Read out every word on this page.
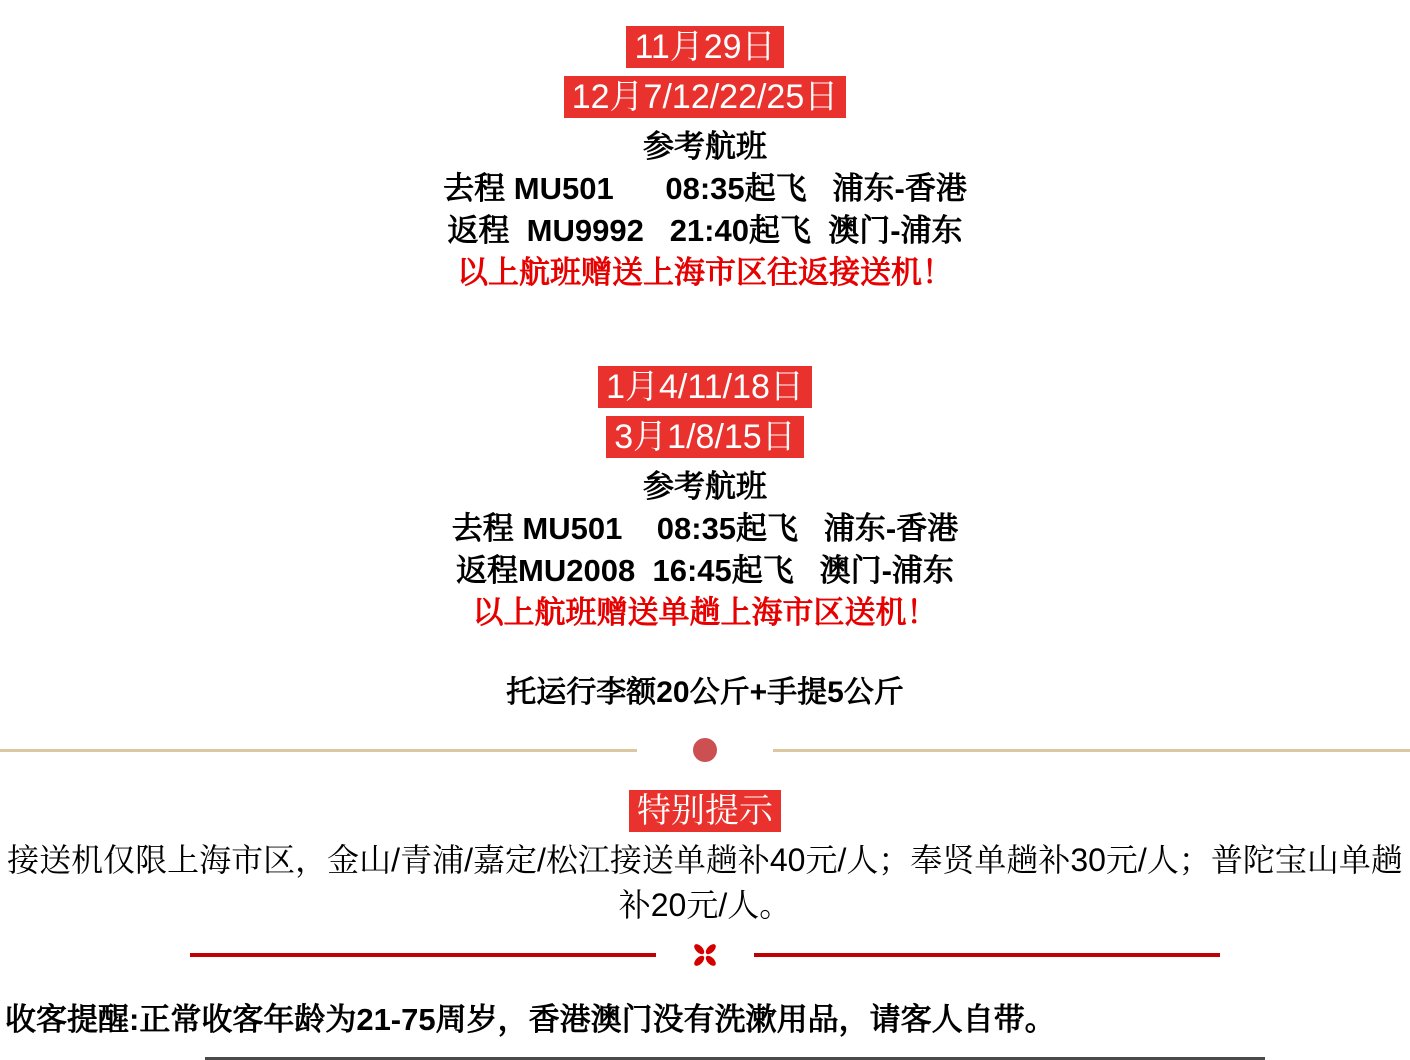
11月29日
12月7/12/22/25日
参考航班
去程 MU501      08:35起飞   浦东-香港
返程  MU9992   21:40起飞  澳门-浦东
以上航班赠送上海市区往返接送机！
1月4/11/18日
3月1/8/15日
参考航班
去程 MU501    08:35起飞   浦东-香港
返程MU2008  16:45起飞   澳门-浦东
以上航班赠送单趟上海市区送机！
托运行李额20公斤+手提5公斤
特别提示

接送机仅限上海市区，金山/青浦/嘉定/松江接送单趟补40元/人；奉贤单趟补30元/人；普陀宝山单趟补20元/人。

收客提醒:正常收客年龄为21-75周岁，香港澳门没有洗漱用品，请客人自带。
